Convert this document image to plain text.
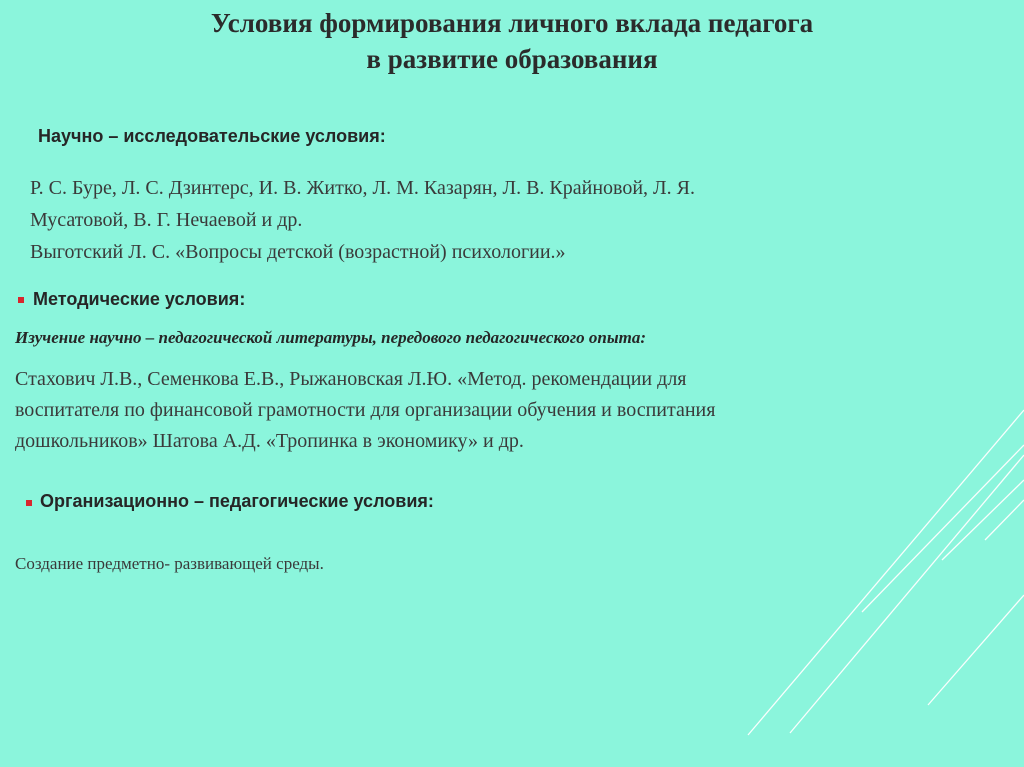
Условия формирования личного вклада педагога
в развитие образования
Научно – исследовательские условия:
Р. С. Буре, Л. С. Дзинтерс, И. В. Житко, Л. М. Казарян, Л. В. Крайновой, Л. Я.
Мусатовой, В. Г. Нечаевой и др.
Выготский Л. С. «Вопросы детской (возрастной) психологии.»
Методические условия:
Изучение научно – педагогической литературы, передового педагогического опыта:
Стахович Л.В., Семенкова Е.В., Рыжановская Л.Ю. «Метод. рекомендации для
воспитателя по финансовой грамотности для организации обучения и воспитания
дошкольников» Шатова А.Д. «Тропинка в экономику» и др.
Организационно – педагогические условия:
Создание предметно- развивающей среды.
